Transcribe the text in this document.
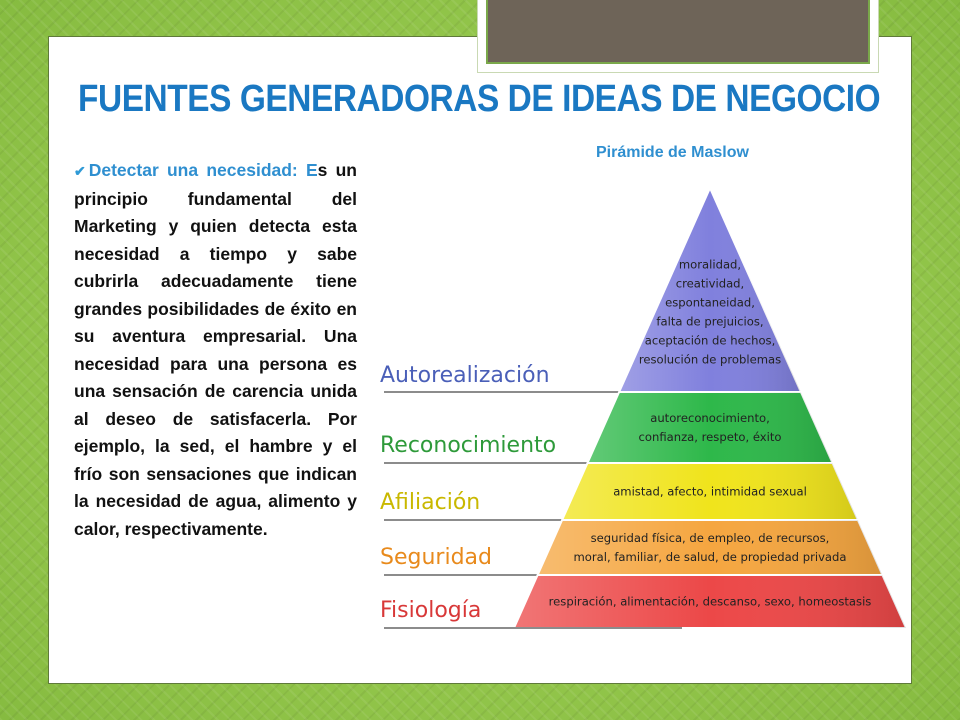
FUENTES GENERADORAS DE IDEAS DE NEGOCIO
✔ Detectar una necesidad: Es un principio fundamental del Marketing y quien detecta esta necesidad a tiempo y sabe cubrirla adecuadamente tiene grandes posibilidades de éxito en su aventura empresarial. Una necesidad para una persona es una sensación de carencia unida al deseo de satisfacerla. Por ejemplo, la sed, el hambre y el frío son sensaciones que indican la necesidad de agua, alimento y calor, respectivamente.
Pirámide de Maslow
Autorealización
moralidad,
creatividad,
espontaneidad,
falta de prejuicios,
aceptación de hechos,
resolución de problemas
Reconocimiento
autoreconocimiento,
confianza, respeto, éxito
Afiliación	amistad, afecto, intimidad sexual
Seguridad
seguridad física, de empleo, de recursos,
moral, familiar, de salud, de propiedad privada
Fisiología	respiración, alimentación, descanso, sexo, homeostasis
